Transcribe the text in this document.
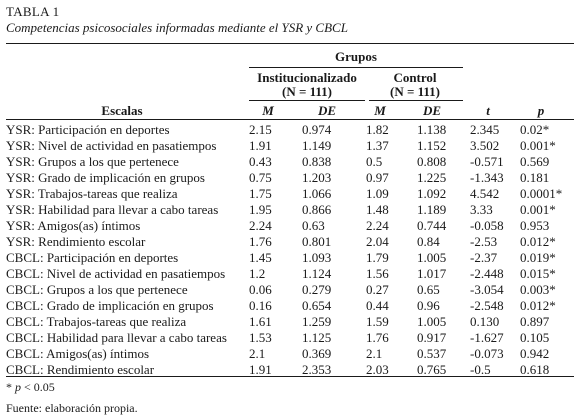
TABLA 1
Competencias psicosociales informadas mediante el YSR y CBCL
Grupos
Institucionalizado
(N = 111)
Control
(N = 111)
Escalas	M	DE	M	DE	t	p
YSR: Participación en deportes	2.15	0.974	1.82	1.138	2.345	0.02*
YSR: Nivel de actividad en pasatiempos	1.91	1.149	1.37	1.152	3.502	0.001*
YSR: Grupos a los que pertenece	0.43	0.838	0.5	0.808	-0.571	0.569
YSR: Grado de implicación en grupos	0.75	1.203	0.97	1.225	-1.343	0.181
YSR: Trabajos-tareas que realiza	1.75	1.066	1.09	1.092	4.542	0.0001*
YSR: Habilidad para llevar a cabo tareas 1.95	0.866	1.48	1.189	3.33	0.001*
YSR: Amigos(as) íntimos	2.24	0.63	2.24	0.744	-0.058	0.953
YSR: Rendimiento escolar	1.76	0.801	2.04	0.84	-2.53	0.012*
CBCL: Participación en deportes	1.45	1.093	1.79	1.005	-2.37	0.019*
CBCL: Nivel de actividad en pasatiempos 1.2	1.124	1.56	1.017	-2.448	0.015*
CBCL: Grupos a los que pertenece	0.06	0.279	0.27	0.65	-3.054	0.003*
CBCL: Grado de implicación en grupos	0.16	0.654	0.44	0.96	-2.548	0.012*
CBCL: Trabajos-tareas que realiza	1.61	1.259	1.59	1.005	0.130	0.897
CBCL: Habilidad para llevar a cabo tareas 1.53	1.125	1.76	0.917	-1.627	0.105
CBCL: Amigos(as) íntimos	2.1	0.369	2.1	0.537	-0.073	0.942
CBCL: Rendimiento escolar	1.91	2.353	2.03	0.765	-0.5	0.618
* p < 0.05
Fuente: elaboración propia.
